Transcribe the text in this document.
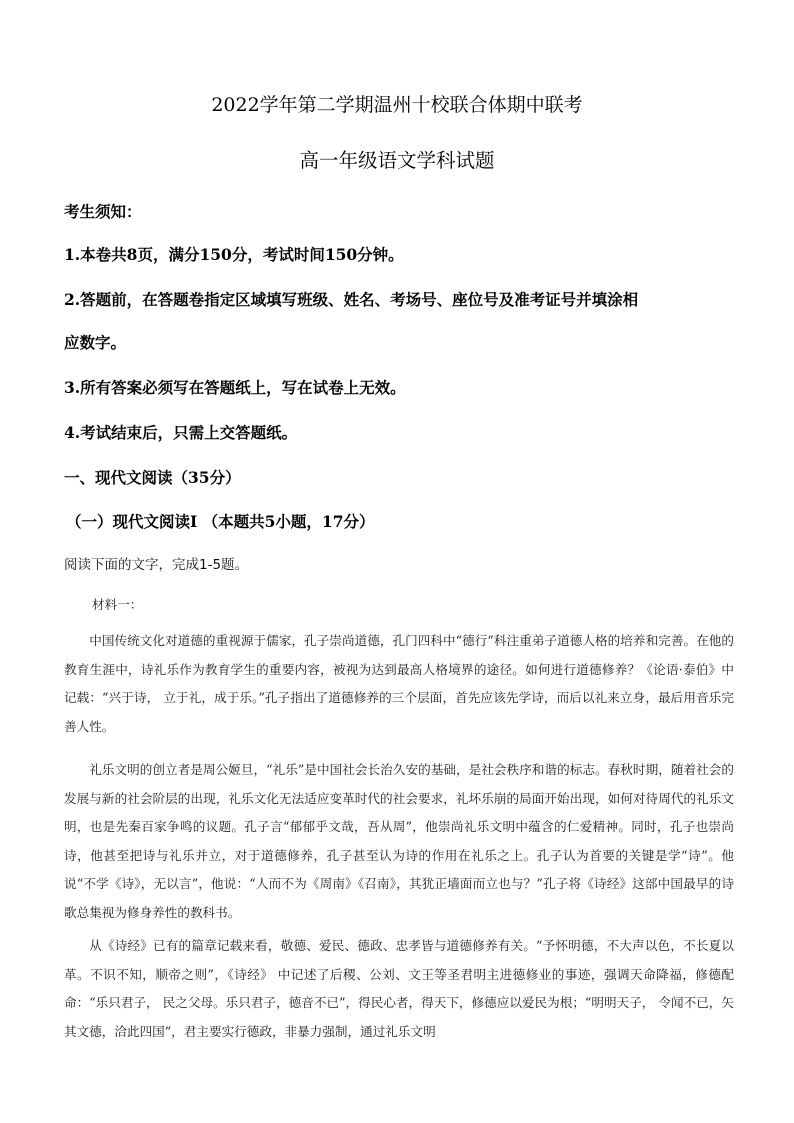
2022学年第二学期温州十校联合体期中联考
高一年级语文学科试题
考生须知：
1.本卷共8页，满分150分，考试时间150分钟。
2.答题前，在答题卷指定区域填写班级、姓名、考场号、座位号及准考证号并填涂相
应数字。
3.所有答案必须写在答题纸上，写在试卷上无效。
4.考试结束后，只需上交答题纸。
一、现代文阅读（35分）
（一）现代文阅读Ⅰ （本题共5小题，17分）
阅读下面的文字，完成1-5题。
材料一：

中国传统文化对道德的重视源于儒家，孔子崇尚道德，孔门四科中“德行”科注重弟子道德人格的培养和完善。在他的教育生涯中，诗礼乐作为教育学生的重要内容，被视为达到最高人格境界的途径。如何进行道德修养？《论语·泰伯》中记载：“兴于诗， 立于礼，成于乐。”孔子指出了道德修养的三个层面，首先应该先学诗，而后以礼来立身，最后用音乐完善人性。

礼乐文明的创立者是周公姬旦，“礼乐”是中国社会长治久安的基础，是社会秩序和谐的标志。春秋时期，随着社会的发展与新的社会阶层的出现，礼乐文化无法适应变革时代的社会要求，礼坏乐崩的局面开始出现，如何对待周代的礼乐文明，也是先秦百家争鸣的议题。孔子言“郁郁乎文哉，吾从周”，他崇尚礼乐文明中蕴含的仁爱精神。同时，孔子也崇尚诗，他甚至把诗与礼乐并立，对于道德修养，孔子甚至认为诗的作用在礼乐之上。孔子认为首要的关键是学“诗”。他说“不学《诗》，无以言”，他说：“人而不为《周南》《召南》，其犹正墙面而立也与？”孔子将《诗经》这部中国最早的诗歌总集视为修身养性的教科书。

从《诗经》已有的篇章记载来看，敬德、爱民、德政、忠孝皆与道德修养有关。“予怀明德，不大声以色，不长夏以革。不识不知，顺帝之则”，《诗经》 中记述了后稷、公刘、文王等圣君明主进德修业的事迹，强调天命降福，修德配命：“乐只君子， 民之父母。乐只君子，德音不已”，得民心者，得天下，修德应以爱民为根；“明明天子， 令闻不已，矢其文德，洽此四国”，君主要实行德政，非暴力强制，通过礼乐文明
